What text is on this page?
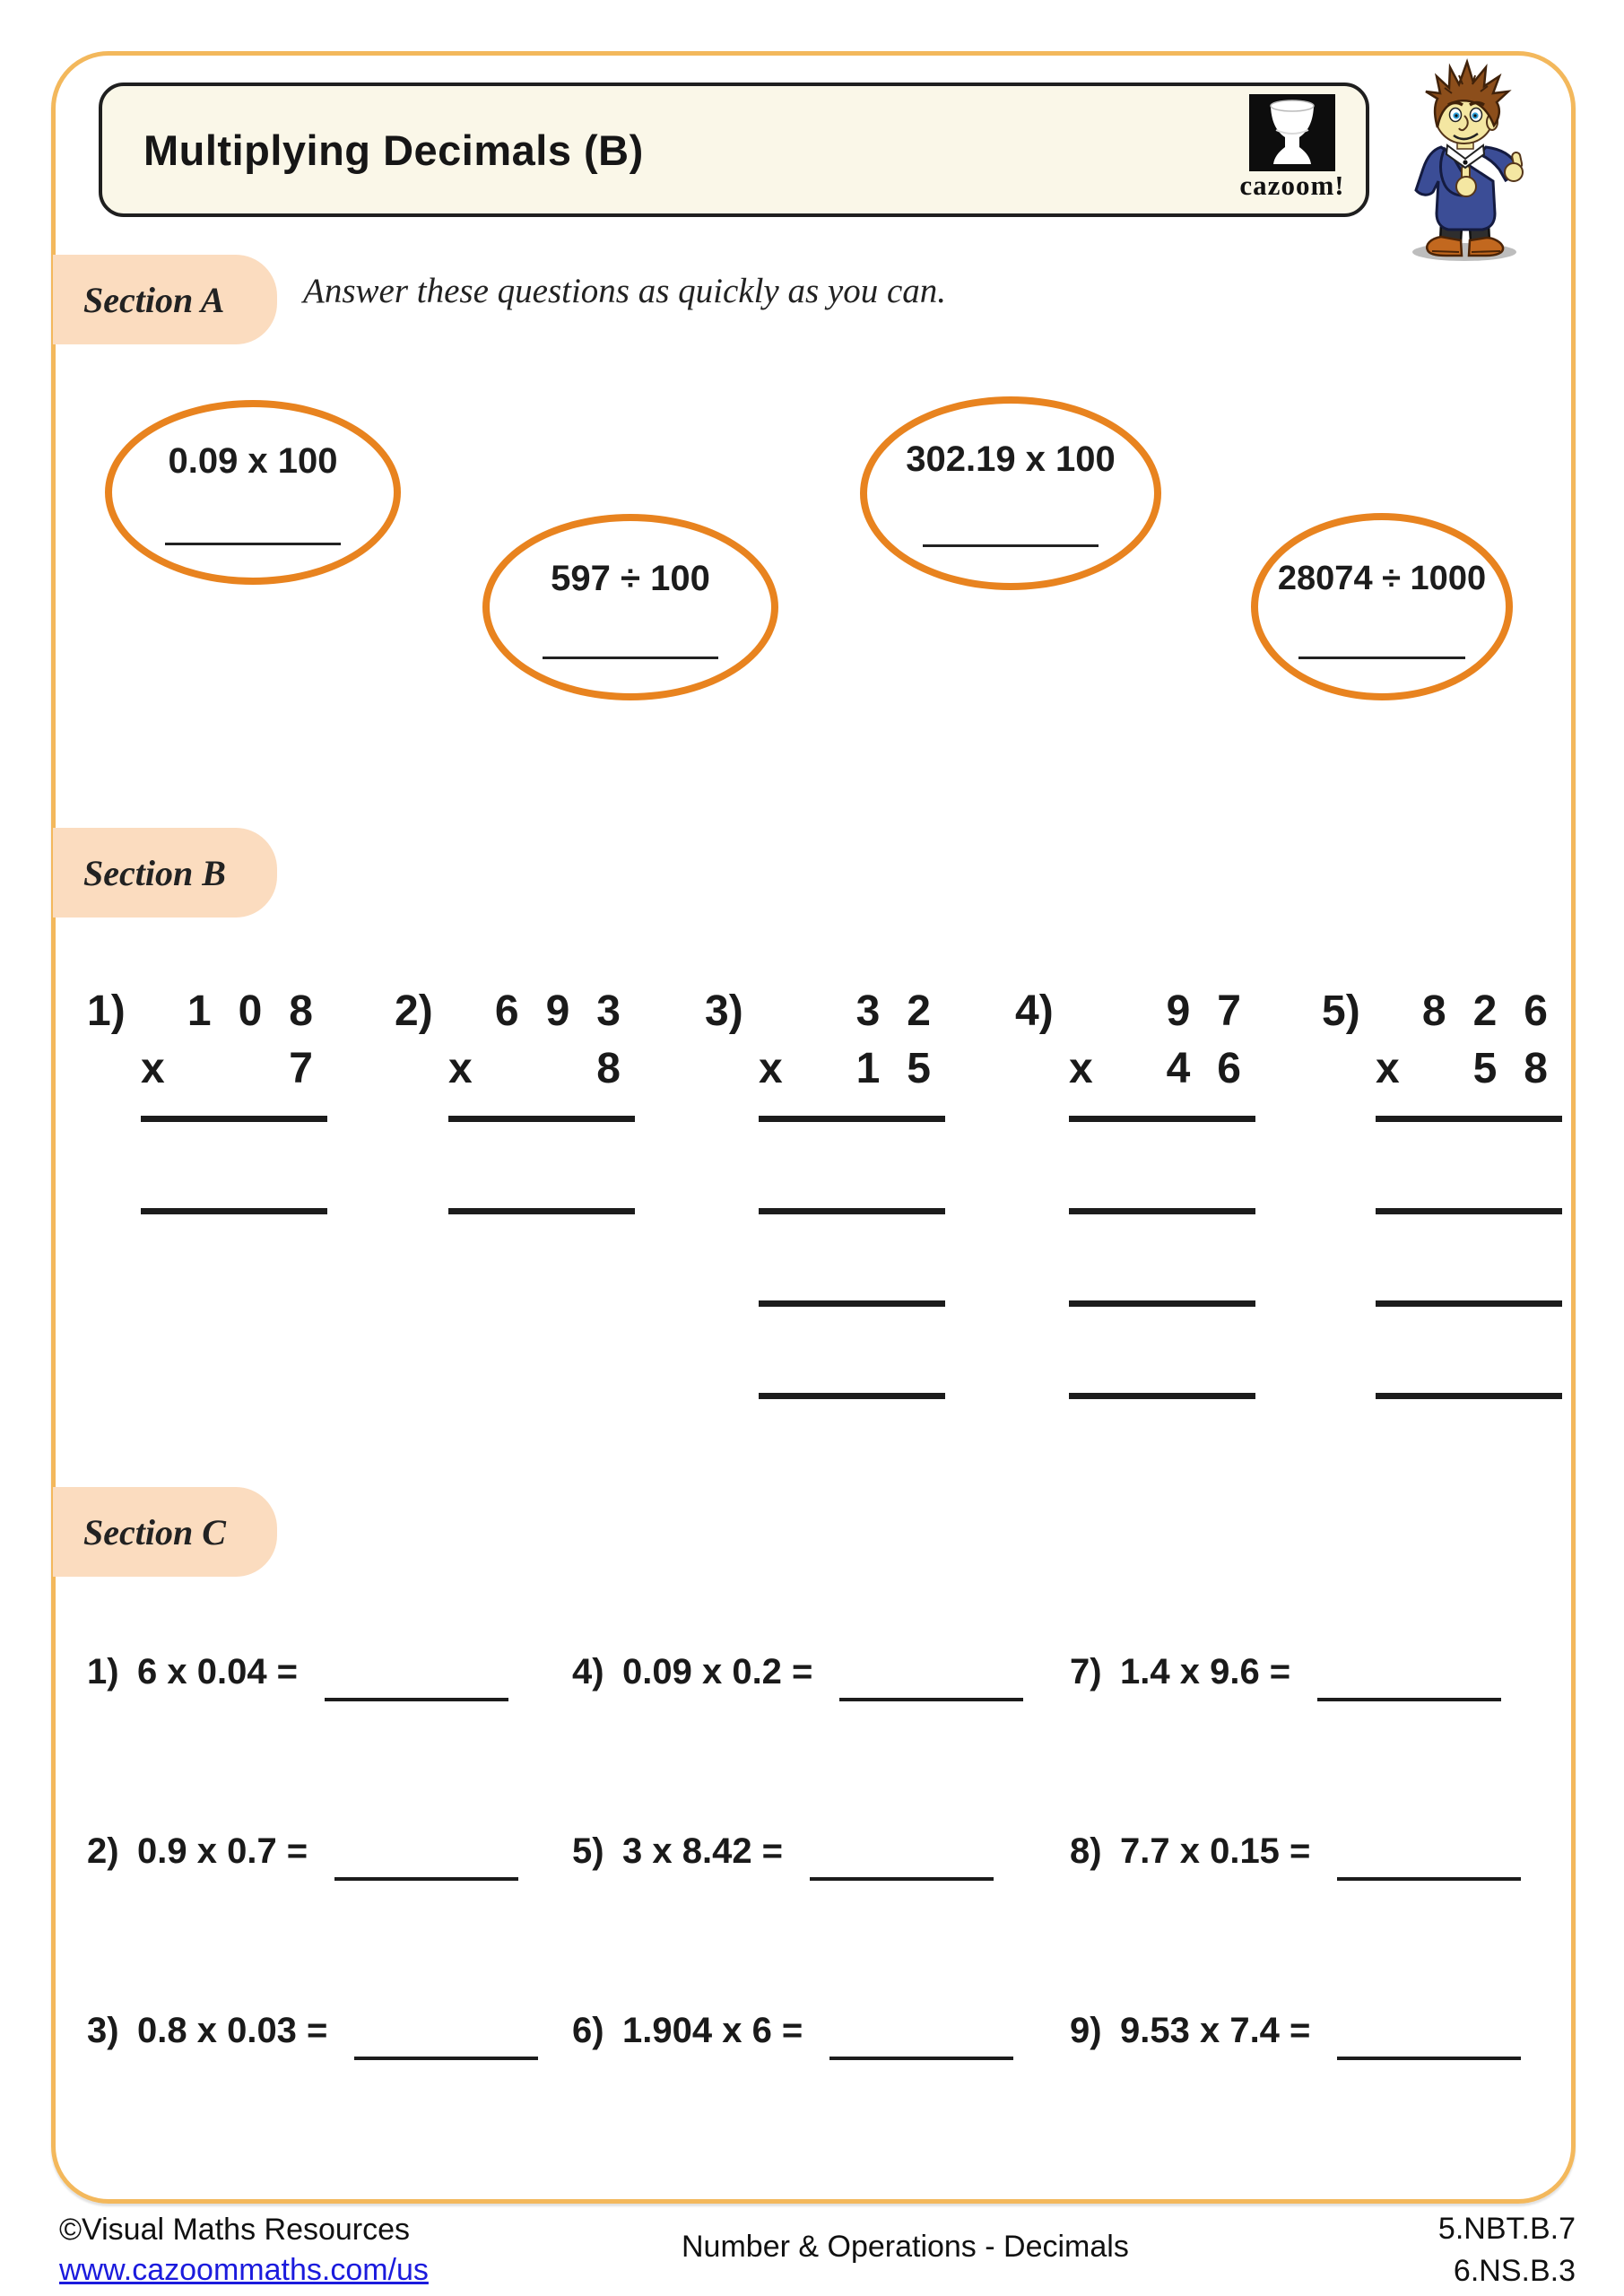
Multiplying Decimals (B)
cazoom!
Section A Answer these questions as quickly as you can.
0.09 x 100
597 ÷ 100
302.19 x 100
28074 ÷ 1000
Section B
1)	108
x	7
2)	693
x	8
3)	32
x 15
4)	97
x 46
5)	826
x 58
Section C
1) 6 x 0.04 =
2) 0.9 x 0.7 =
3) 0.8 x 0.03 =
4) 0.09 x 0.2 =
5) 3 x 8.42 =
6) 1.904 x 6 =
7) 1.4 x 9.6 =
8) 7.7 x 0.15 =
9) 9.53 x 7.4 =
©Visual Maths Resources
www.cazoommaths.com/us
Number & Operations - Decimals
5.NBT.B.7
6.NS.B.3
